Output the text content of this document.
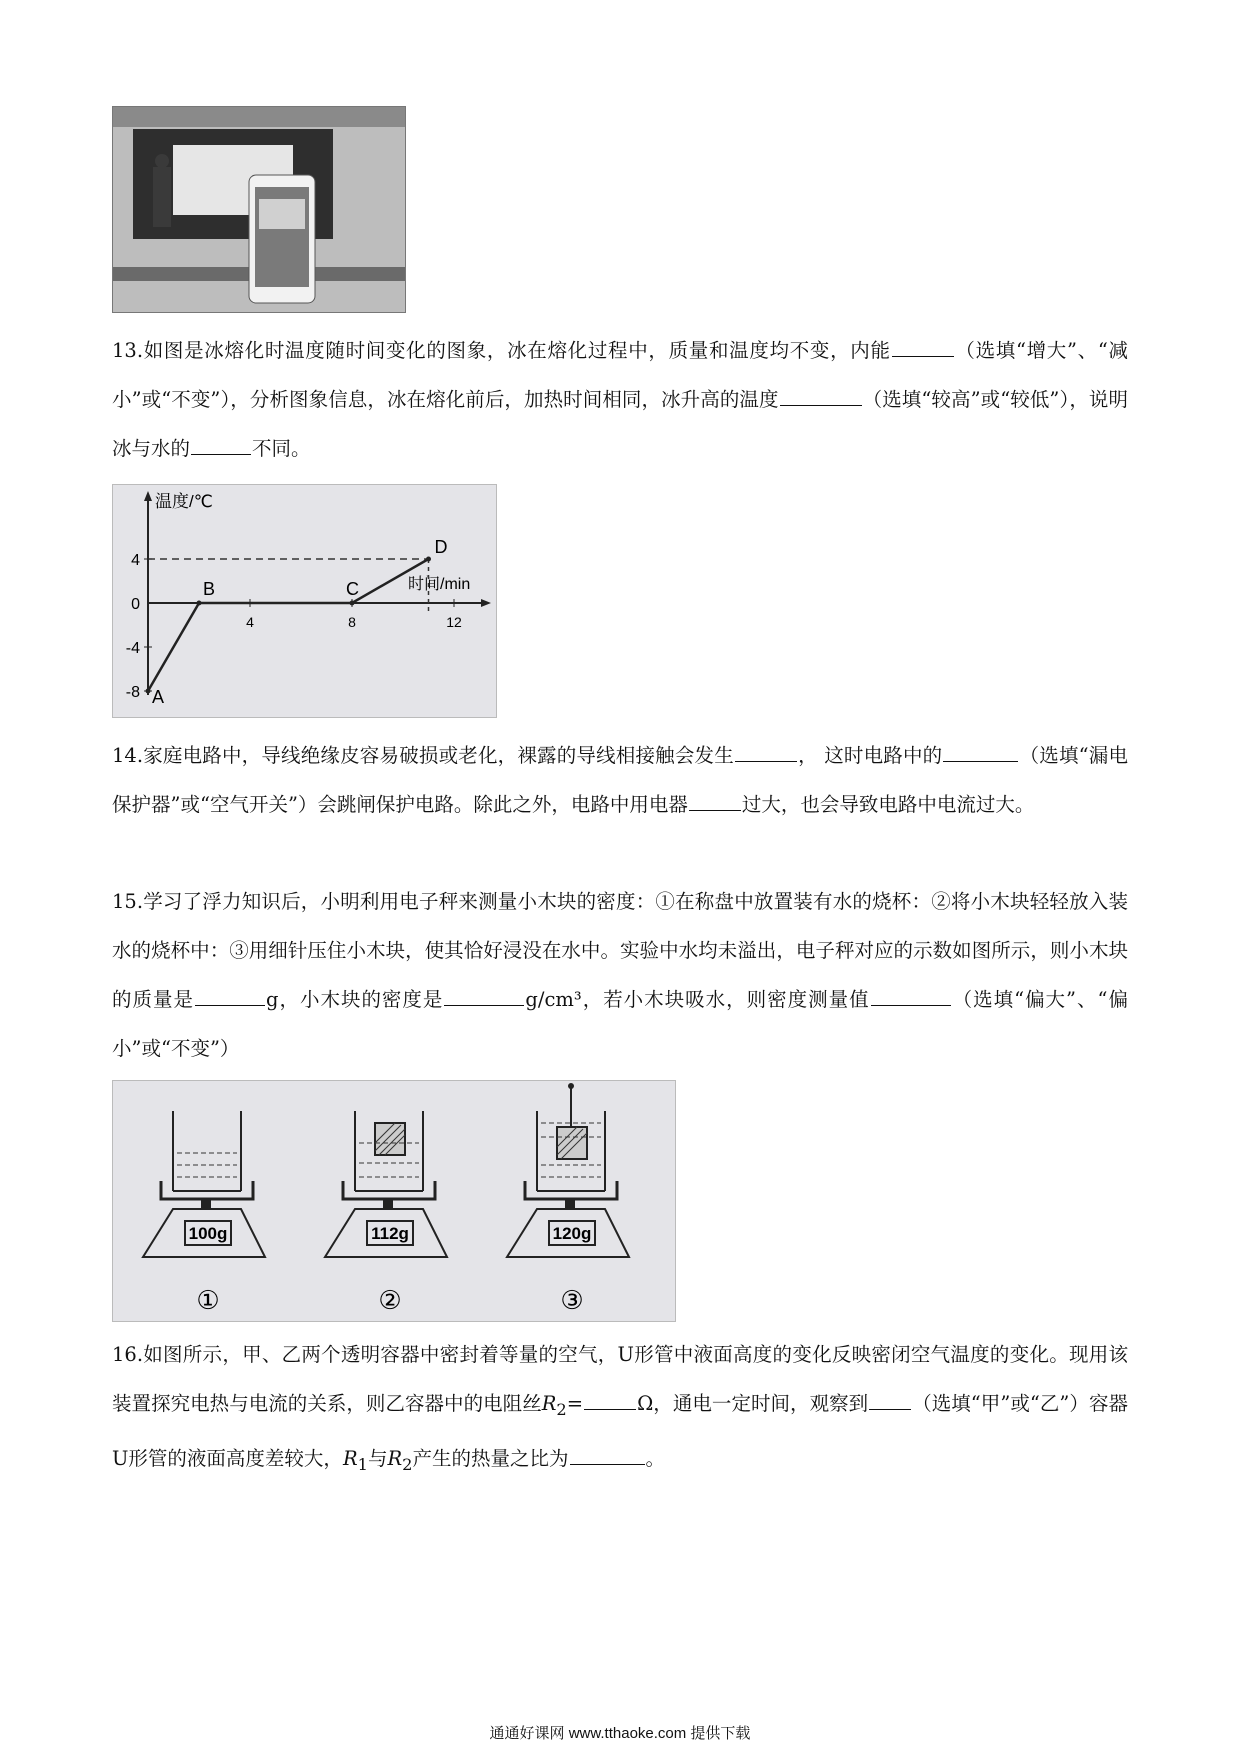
13.如图是冰熔化时温度随时间变化的图象，冰在熔化过程中，质量和温度均不变，内能	（选填“增大”、“减小”或“不变”），分析图象信息，冰在熔化前后，加热时间相同，冰升高的温度	（选填“较高”或“较低”），说明冰与水的	不同。
温度/℃
时间/min
4
0
-4
-8
4	8	12
A
B	C
D
14.家庭电路中，导线绝缘皮容易破损或老化，裸露的导线相接触会发生	， 这时电路中的	（选填“漏电保护器”或“空气开关”）会跳闸保护电路。除此之外，电路中用电器	过大，也会导致电路中电流过大。
15.学习了浮力知识后，小明利用电子秤来测量小木块的密度：①在称盘中放置装有水的烧杯：②将小木块轻轻放入装水的烧杯中：③用细针压住小木块，使其恰好浸没在水中。实验中水均未溢出，电子秤对应的示数如图所示，则小木块的质量是	g，小木块的密度是	g/cm³，若小木块吸水，则密度测量值	（选填“偏大”、“偏小”或“不变”）
100g
①
112g
②
120g
③
16.如图所示，甲、乙两个透明容器中密封着等量的空气，U形管中液面高度的变化反映密闭空气温度的变化。现用该装置探究电热与电流的关系，则乙容器中的电阻丝$R_2=$	Ω，通电一定时间，观察到 （选填“甲”或“乙”）容器U形管的液面高度差较大，$R_1$与$R_2$产生的热量之比为	。
通通好课网 www.tthaoke.com 提供下载
